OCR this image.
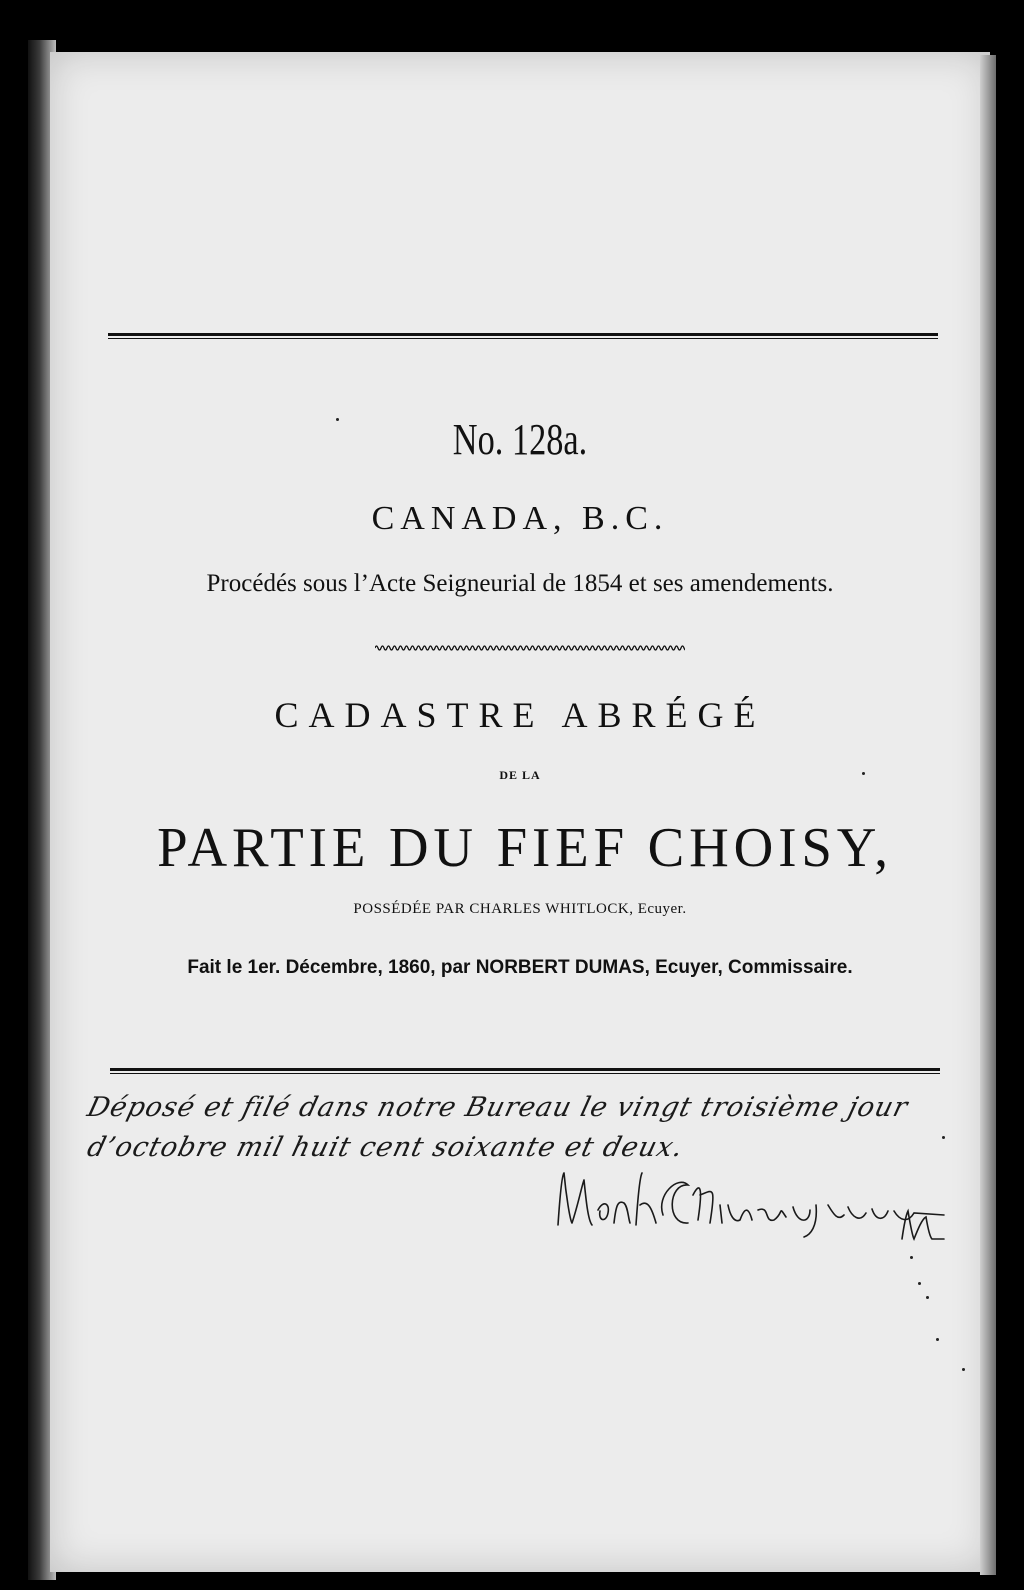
No. 128a.

CANADA, B.C.

Procédés sous l’Acte Seigneurial de 1854 et ses amendements.

CADASTRE ABRÉGÉ

DE LA

PARTIE DU FIEF CHOISY,

POSSÉDÉE PAR CHARLES WHITLOCK, Ecuyer.

Fait le 1er. Décembre, 1860, par NORBERT DUMAS, Ecuyer, Commissaire.

Déposé et filé dans notre Bureau le vingt troisième jour

d’octobre mil huit cent soixante et deux.
